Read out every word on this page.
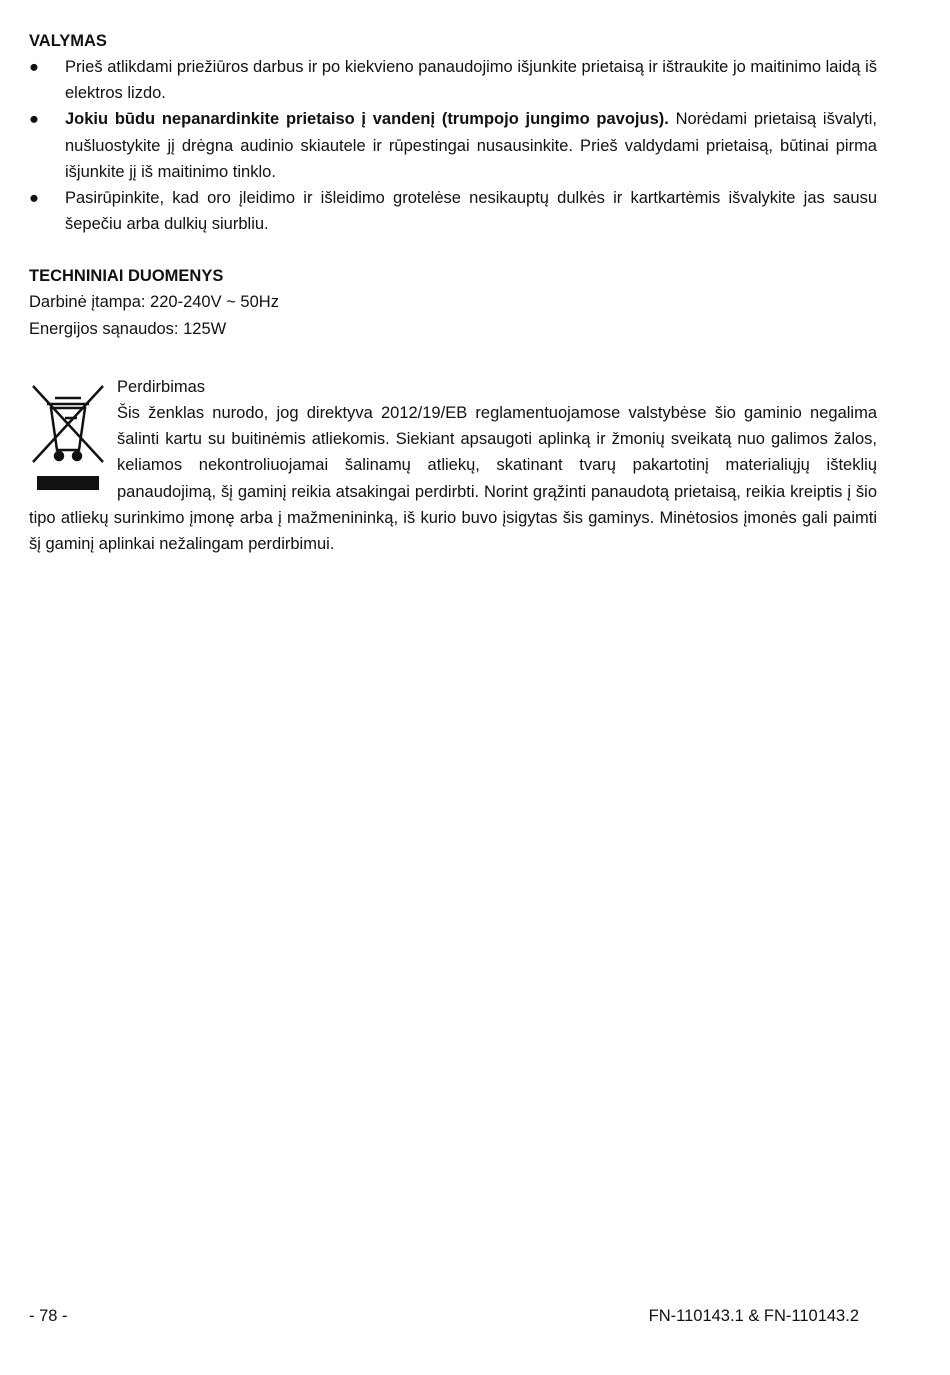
VALYMAS

●	Prieš atlikdami priežiūros darbus ir po kiekvieno panaudojimo išjunkite prietaisą ir ištraukite jo maitinimo laidą iš elektros lizdo.
●	Jokiu būdu nepanardinkite prietaiso į vandenį (trumpojo jungimo pavojus). Norėdami prietaisą išvalyti, nušluostykite jį drėgna audinio skiautele ir rūpestingai nusausinkite. Prieš valdydami prietaisą, būtinai pirma išjunkite jį iš maitinimo tinklo.
●	Pasirūpinkite, kad oro įleidimo ir išleidimo grotelėse nesikauptų dulkės ir kartkartėmis išvalykite jas sausu šepečiu arba dulkių siurbliu.

TECHNINIAI DUOMENYS

Darbinė įtampa: 220-240V ~ 50Hz

Energijos sąnaudos: 125W

Perdirbimas
Šis ženklas nurodo, jog direktyva 2012/19/EB reglamentuojamose valstybėse šio gaminio negalima šalinti kartu su buitinėmis atliekomis. Siekiant apsaugoti aplinką ir žmonių sveikatą nuo galimos žalos, keliamos nekontroliuojamai šalinamų atliekų, skatinant tvarų pakartotinį materialiųjų išteklių panaudojimą, šį gaminį reikia atsakingai perdirbti. Norint grąžinti panaudotą prietaisą, reikia kreiptis į šio tipo atliekų surinkimo įmonę arba į mažmenininką, iš kurio buvo įsigytas šis gaminys. Minėtosios įmonės gali paimti šį gaminį aplinkai nežalingam perdirbimui.
- 78 -	FN-110143.1 & FN-110143.2
